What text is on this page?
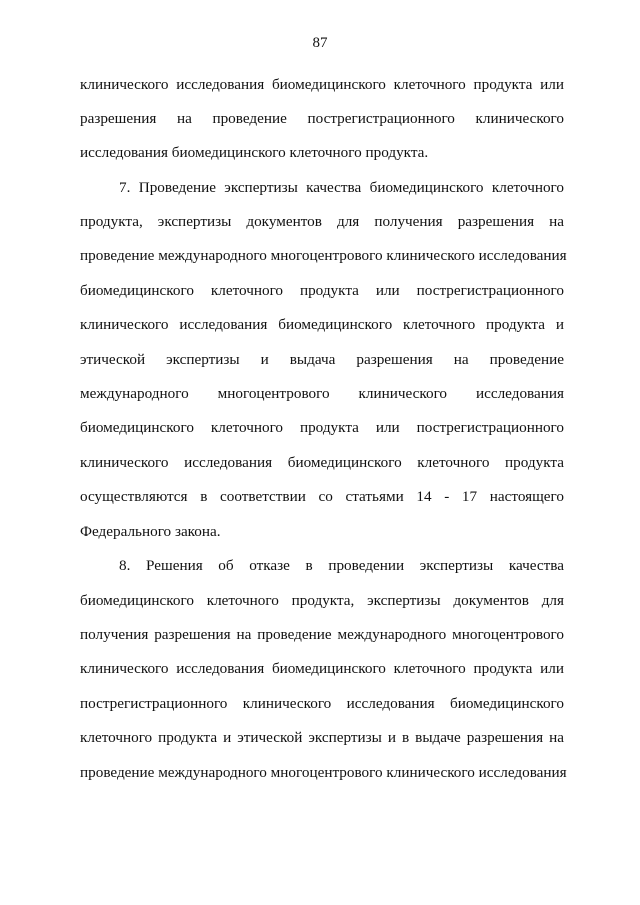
87
клинического исследования биомедицинского клеточного продукта или
разрешения на проведение пострегистрационного клинического
исследования биомедицинского клеточного продукта.
7. Проведение экспертизы качества биомедицинского клеточного
продукта, экспертизы документов для получения разрешения на
проведение международного многоцентрового клинического исследования
биомедицинского клеточного продукта или пострегистрационного
клинического исследования биомедицинского клеточного продукта и
этической экспертизы и выдача разрешения на проведение
международного многоцентрового клинического исследования
биомедицинского клеточного продукта или пострегистрационного
клинического исследования биомедицинского клеточного продукта
осуществляются в соответствии со статьями 14 - 17 настоящего
Федерального закона.
8. Решения об отказе в проведении экспертизы качества
биомедицинского клеточного продукта, экспертизы документов для
получения разрешения на проведение международного многоцентрового
клинического исследования биомедицинского клеточного продукта или
пострегистрационного клинического исследования биомедицинского
клеточного продукта и этической экспертизы и в выдаче разрешения на
проведение международного многоцентрового клинического исследования
